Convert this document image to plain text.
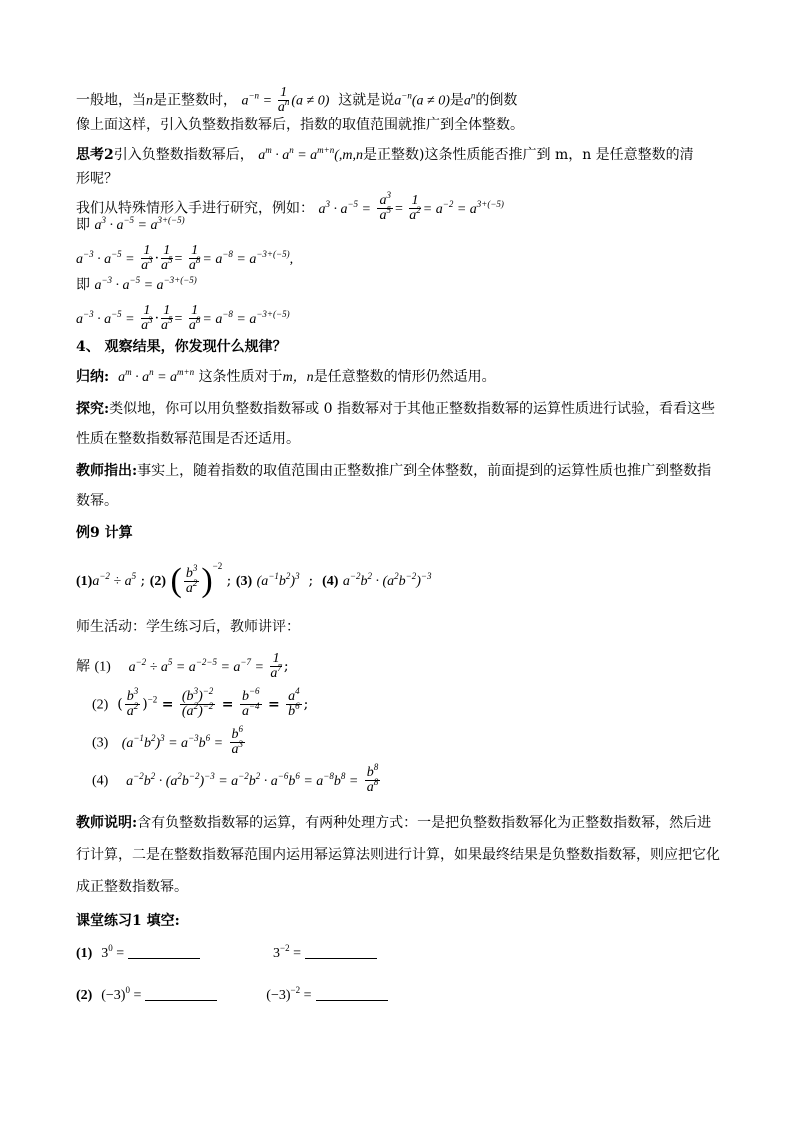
一般地，当n是正整数时， $a^{-n} = \frac{1}{a^n} (a \ne 0)$ 这就是说$a^{-n}(a \ne 0)$是$a^n$的倒数
像上面这样，引入负整数指数幂后，指数的取值范围就推广到全体整数。
思考2引入负整数指数幂后， $a^m \cdot a^n = a^{m+n}(,m,n$是正整数)这条性质能否推广到 m，n 是任意整数的清
形呢？
我们从特殊情形入手进行研究，例如： $a^3 \cdot a^{-5} = \frac{a^3}{a^5} = \frac{1}{a^2} = a^{-2} = a^{3+(-5)}$
即 $a^3 \cdot a^{-5} = a^{3+(-5)}$
$a^{-3} \cdot a^{-5} = \frac{1}{a^3} \cdot \frac{1}{a^5} = \frac{1}{a^8} = a^{-8} = a^{-3+(-5)}$,
即 $a^{-3} \cdot a^{-5} = a^{-3+(-5)}$
$a^{-3} \cdot a^{-5} = \frac{1}{a^3} \cdot \frac{1}{a^5} = \frac{1}{a^8} = a^{-8} = a^{-3+(-5)}$
4、 观察结果，你发现什么规律？
归纳: $a^m \cdot a^n = a^{m+n}$ 这条性质对于m，n是任意整数的情形仍然适用。
探究:类似地，你可以用负整数指数幂或 0 指数幂对于其他正整数指数幂的运算性质进行试验，看看这些
性质在整数指数幂范围是否还适用。
教师指出:事实上，随着指数的取值范围由正整数推广到全体整数，前面提到的运算性质也推广到整数指
数幂。
例9 计算
$(1)a^{-2} \div a^5$ ; (2) ( $\frac{b^3}{a^2} )^{-2}$ ; (3) $(a^{-1}b^2)^3$  ;  (4) $a^{-2}b^2 \cdot (a^2b^{-2})^{-3}$
师生活动：学生练习后，教师讲评：
解 (1) $a^{-2} \div a^5 = a^{-2-5} = a^{-7} = \frac{1}{a^7}$ ;
(2)  ( $\frac{b^3}{a^2} )^{-2} = \frac{(b^3)^{-2}}{(a^2)^{-2}} = \frac{b^{-6}}{a^{-4}} = \frac{a^4}{b^6}$ ;
(3) $(a^{-1}b^2)^3 = a^{-3}b^6 = \frac{b^6}{a^3}$
(4) $a^{-2}b^2 \cdot (a^2b^{-2})^{-3} = a^{-2}b^2 \cdot a^{-6}b^6 = a^{-8}b^8 = \frac{b^8}{a^8}$
教师说明:含有负整数指数幂的运算，有两种处理方式：一是把负整数指数幂化为正整数指数幂，然后进
行计算，二是在整数指数幂范围内运用幂运算法则进行计算，如果最终结果是负整数指数幂，则应把它化
成正整数指数幂。
课堂练习1 填空:
(1) $3^0$ =	$3^{-2}$ =
(2) $(-3)^0$ =	$(-3)^{-2}$ =
